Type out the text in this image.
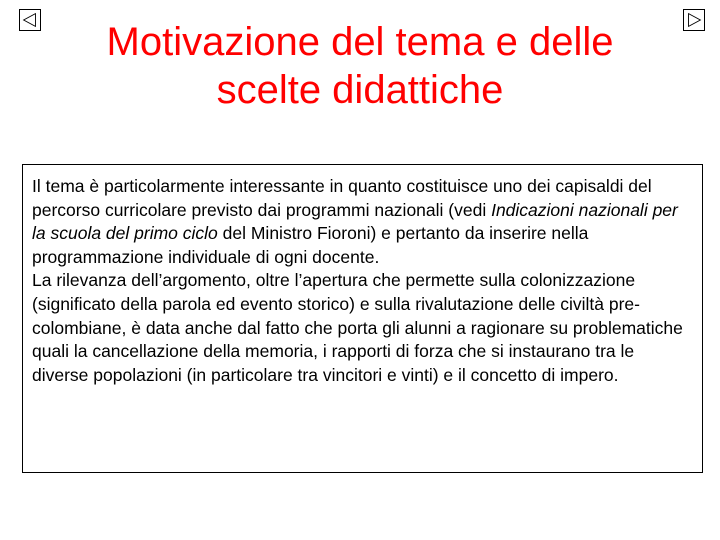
Motivazione del tema e delle scelte didattiche

Il tema è particolarmente interessante in quanto costituisce uno dei capisaldi del percorso curricolare previsto dai programmi nazionali (vedi Indicazioni nazionali per la scuola del primo ciclo del Ministro Fioroni) e pertanto da inserire nella programmazione individuale di ogni docente.

La rilevanza dell’argomento, oltre l’apertura che permette sulla colonizzazione (significato della parola ed evento storico) e sulla rivalutazione delle civiltà pre-colombiane, è data anche dal fatto che porta gli alunni a ragionare su problematiche quali la cancellazione della memoria, i rapporti di forza che si instaurano tra le diverse popolazioni (in particolare tra vincitori e vinti) e il concetto di impero.
